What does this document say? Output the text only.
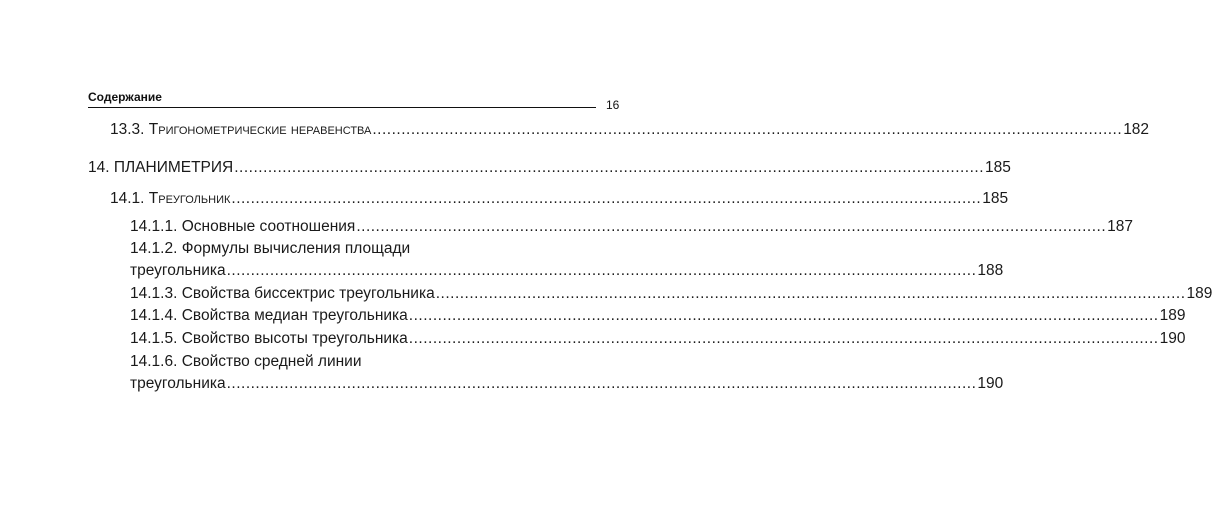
Содержание
16
13.3. Тригонометрические неравенства ............................................................................................................................................................ 182
14. ПЛАНИМЕТРИЯ ............................................................................................................................................................ 185
14.1. Треугольник ............................................................................................................................................................ 185
14.1.1. Основные соотношения ............................................................................................................................................................ 187
14.1.2. Формулы вычисления площади
треугольника ............................................................................................................................................................ 188
14.1.3. Свойства биссектрис треугольника ............................................................................................................................................................ 189
14.1.4. Свойства медиан треугольника ............................................................................................................................................................ 189
14.1.5. Свойство высоты треугольника ............................................................................................................................................................ 190
14.1.6. Свойство средней линии
треугольника ............................................................................................................................................................ 190
